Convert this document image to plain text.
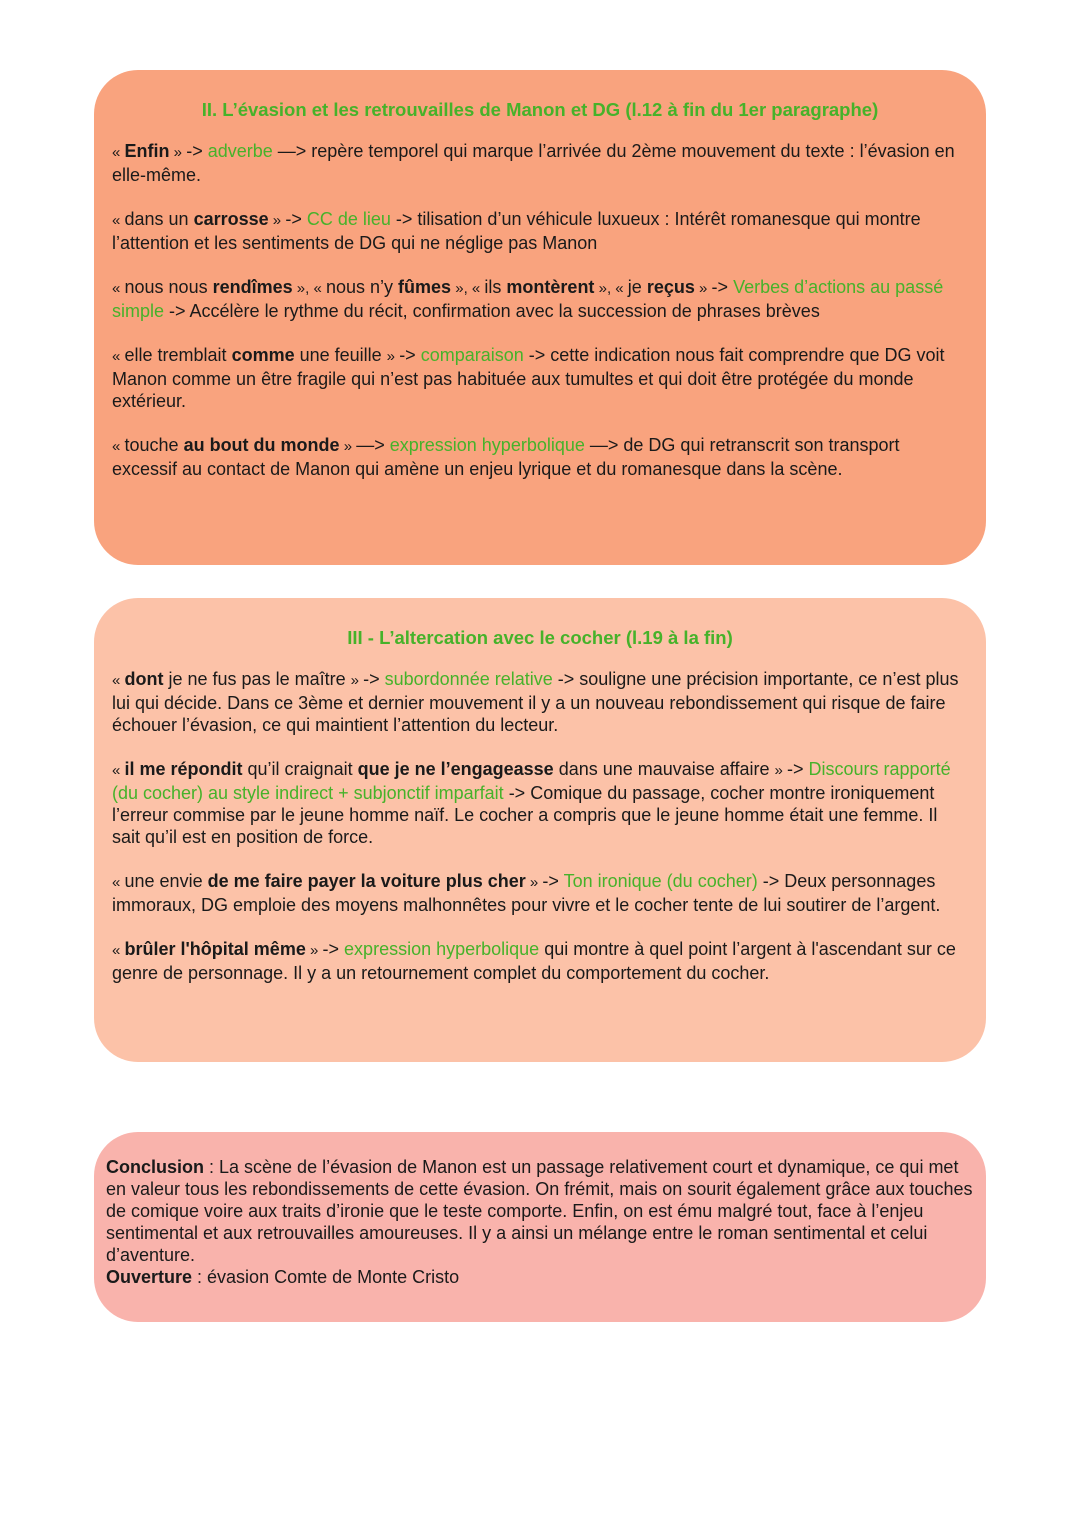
II. L’évasion et les retrouvailles de Manon et DG (l.12 à fin du 1er paragraphe)
« Enfin » -> adverbe —> repère temporel qui marque l’arrivée du 2ème mouvement du texte : l’évasion en elle-même.
« dans un carrosse » -> CC de lieu -> tilisation d’un véhicule luxueux : Intérêt romanesque qui montre l’attention et les sentiments de DG qui ne néglige pas Manon
« nous nous rendîmes », « nous n’y fûmes », « ils montèrent », « je reçus » -> Verbes d’actions au passé simple -> Accélère le rythme du récit, confirmation avec la succession de phrases brèves
« elle tremblait comme une feuille » -> comparaison -> cette indication nous fait comprendre que DG voit Manon comme un être fragile qui n’est pas habituée aux tumultes et qui doit être protégée du monde extérieur.
« touche au bout du monde » —> expression hyperbolique —> de DG qui retranscrit son transport excessif au contact de Manon qui amène un enjeu lyrique et du romanesque dans la scène.
III - L’altercation avec le cocher (l.19 à la fin)
« dont je ne fus pas le maître » -> subordonnée relative -> souligne une précision importante, ce n’est plus lui qui décide. Dans ce 3ème et dernier mouvement il y a un nouveau rebondissement qui risque de faire échouer l’évasion, ce qui maintient l’attention du lecteur.
« il me répondit qu’il craignait que je ne l’engageasse dans une mauvaise affaire » -> Discours rapporté (du cocher) au style indirect + subjonctif imparfait -> Comique du passage, cocher montre ironiquement l’erreur commise par le jeune homme naïf. Le cocher a compris que le jeune homme était une femme. Il sait qu’il est en position de force.
« une envie de me faire payer la voiture plus cher » -> Ton ironique (du cocher) -> Deux personnages immoraux, DG emploie des moyens malhonnêtes pour vivre et le cocher tente de lui soutirer de l’argent.
« brûler l'hôpital même » -> expression hyperbolique qui montre à quel point l’argent à l'ascendant sur ce genre de personnage. Il y a un retournement complet du comportement du cocher.
Conclusion : La scène de l’évasion de Manon est un passage relativement court et dynamique, ce qui met en valeur tous les rebondissements de cette évasion. On frémit, mais on sourit également grâce aux touches de comique voire aux traits d’ironie que le teste comporte. Enfin, on est ému malgré tout, face à l’enjeu sentimental et aux retrouvailles amoureuses. Il y a ainsi un mélange entre le roman sentimental et celui d’aventure.
Ouverture : évasion Comte de Monte Cristo
